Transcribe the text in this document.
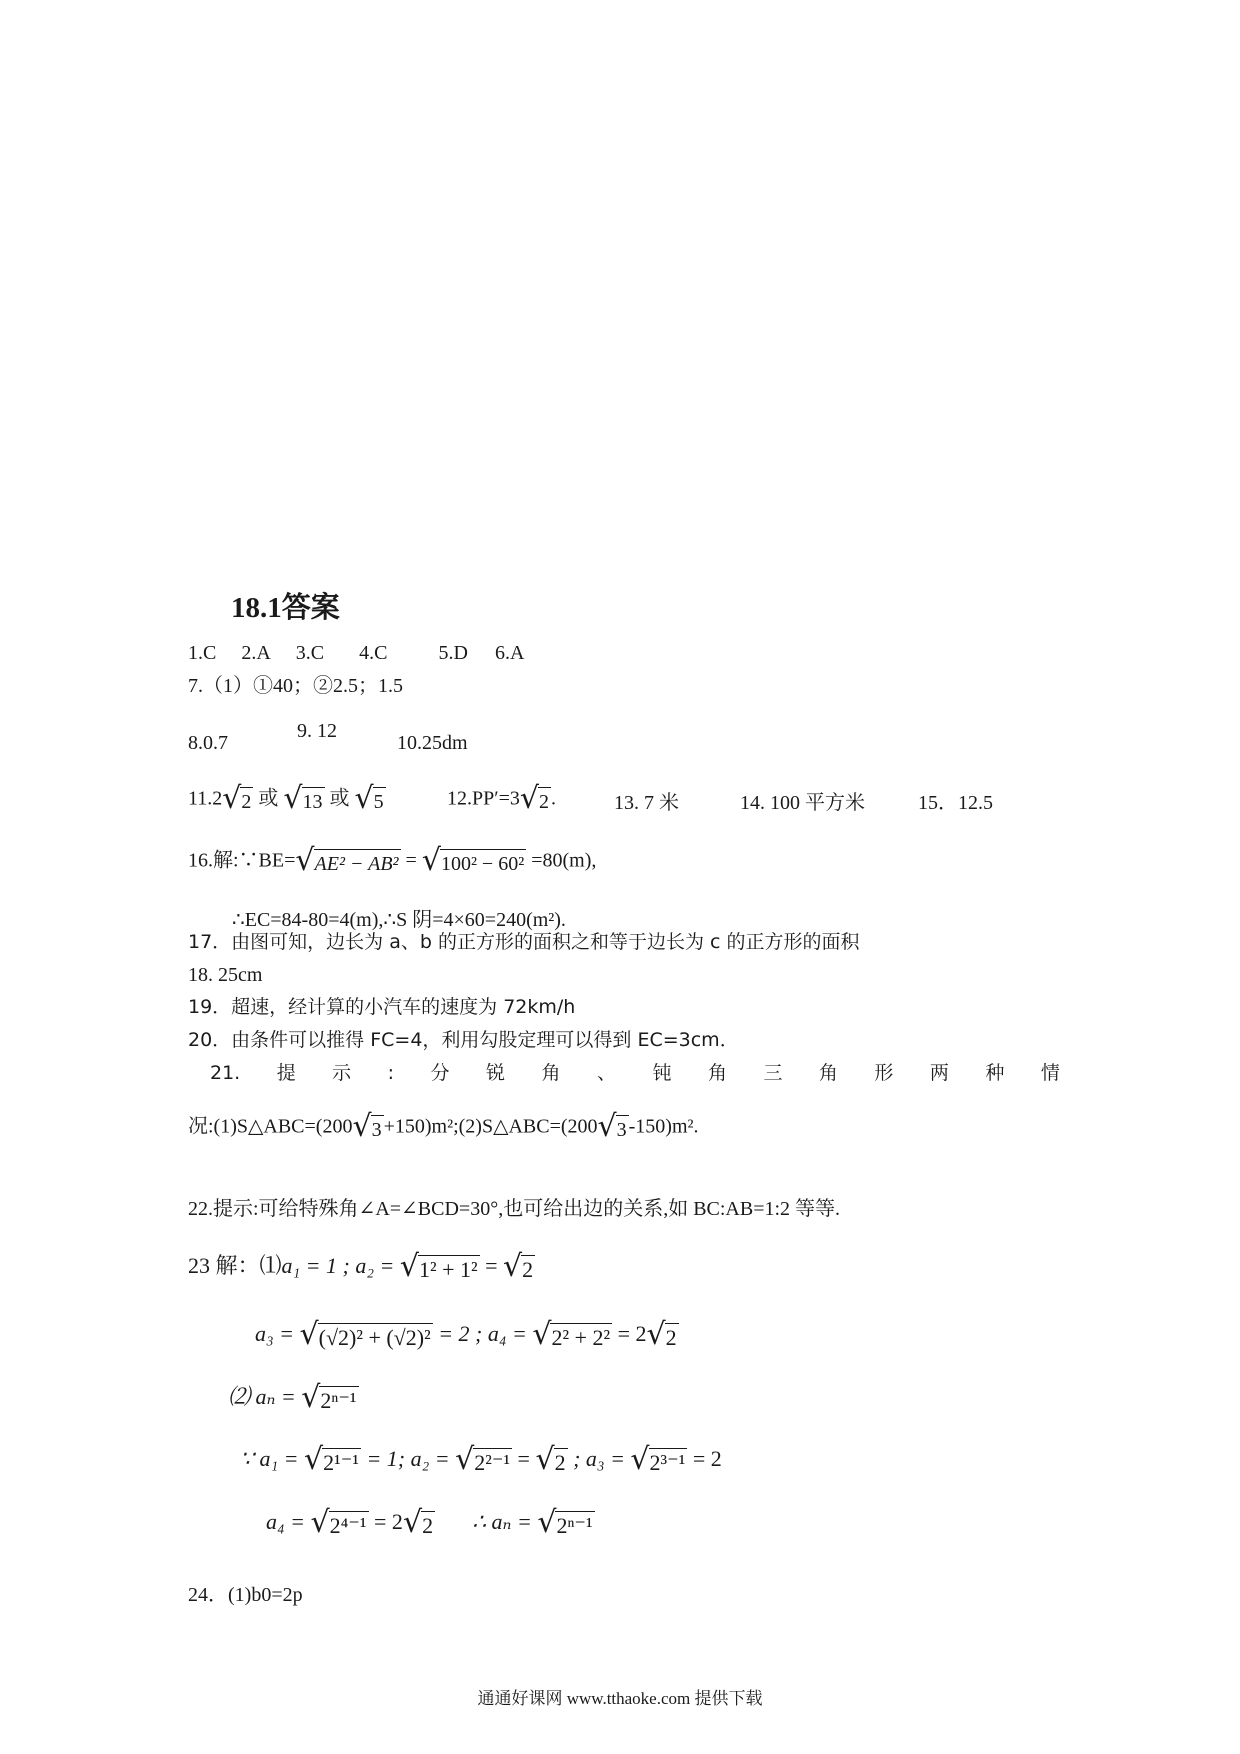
18.1答案
1.C 2.A 3.C 4.C	5.D 6.A
7.（1）①40；②2.5；1.5
8.0.7
9. 12
10.25dm
11.2 √ 2 或 √ 13 或 √ 5	12.PP′=3 √ 2 .	13. 7 米	14. 100 平方米	15．12.5
16.解:∵BE= √ AE² − AB² = √ 100² − 60² =80(m),
∴EC=84-80=4(m),∴S 阴=4×60=240(m²).
17．由图可知，边长为 a、b 的正方形的面积之和等于边长为 c 的正方形的面积
18. 25cm
19．超速，经计算的小汽车的速度为 72km/h
20．由条件可以推得 FC=4，利用勾股定理可以得到 EC=3cm．
21. 提 示 : 分 锐 角 、 钝 角 三 角 形 两 种 情
况:(1)S△ABC=(200 √ 3 +150)m²;(2)S△ABC=(200 √ 3 -150)m².
22.提示:可给特殊角∠A=∠BCD=30°,也可给出边的关系,如 BC:AB=1:2 等等.
23 解：⑴a₁ = 1 ; a₂ = √ 1² + 1² = √ 2
a₃ = √ (√2)² + (√2)² = 2 ; a₄ = √ 2² + 2² = 2 √ 2
⑵ aₙ = √ 2ⁿ⁻¹
∵ a₁ = √ 2¹⁻¹ = 1; a₂ = √ 2²⁻¹ = √ 2 ; a₃ = √ 2³⁻¹ = 2
a₄ = √ 2⁴⁻¹ = 2 √ 2 ∴ aₙ = √ 2ⁿ⁻¹
24．(1)b0=2p
通通好课网 www.tthaoke.com 提供下载
